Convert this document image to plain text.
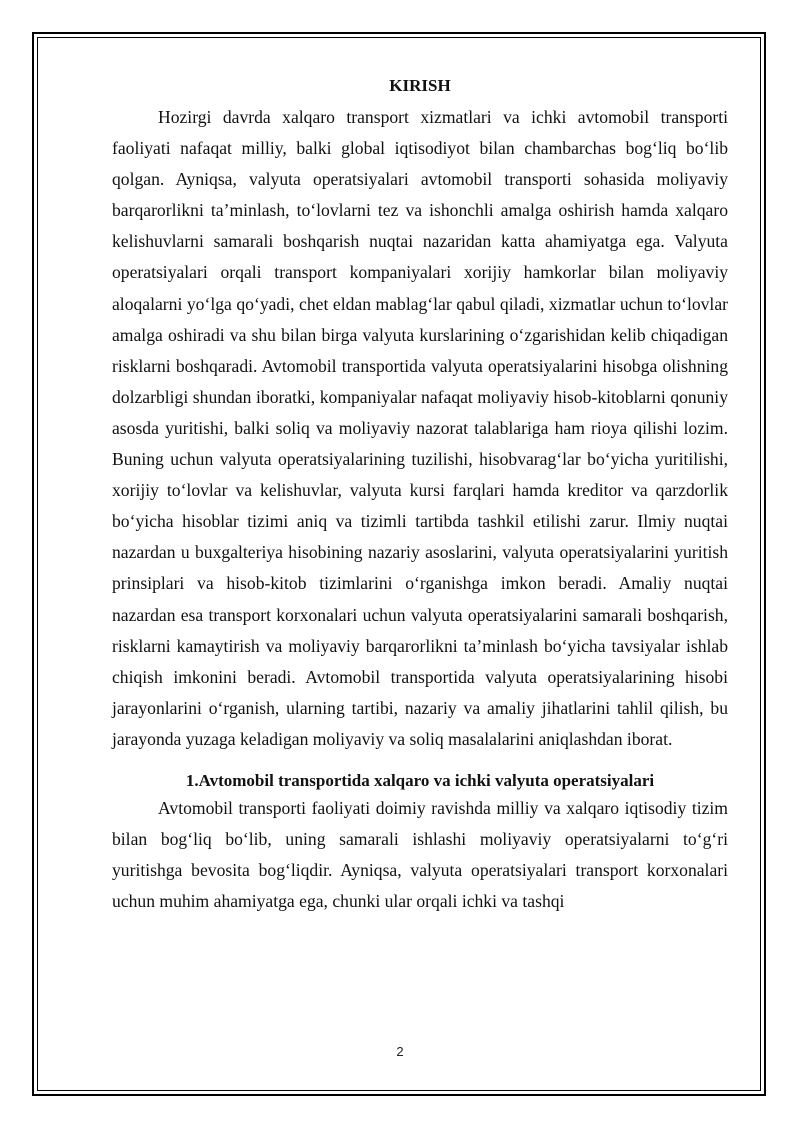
KIRISH

Hozirgi davrda xalqaro transport xizmatlari va ichki avtomobil transporti faoliyati nafaqat milliy, balki global iqtisodiyot bilan chambarchas bog‘liq bo‘lib qolgan. Ayniqsa, valyuta operatsiyalari avtomobil transporti sohasida moliyaviy barqarorlikni ta’minlash, to‘lovlarni tez va ishonchli amalga oshirish hamda xalqaro kelishuvlarni samarali boshqarish nuqtai nazaridan katta ahamiyatga ega. Valyuta operatsiyalari orqali transport kompaniyalari xorijiy hamkorlar bilan moliyaviy aloqalarni yo‘lga qo‘yadi, chet eldan mablag‘lar qabul qiladi, xizmatlar uchun to‘lovlar amalga oshiradi va shu bilan birga valyuta kurslarining o‘zgarishidan kelib chiqadigan risklarni boshqaradi. Avtomobil transportida valyuta operatsiyalarini hisobga olishning dolzarbligi shundan iboratki, kompaniyalar nafaqat moliyaviy hisob-kitoblarni qonuniy asosda yuritishi, balki soliq va moliyaviy nazorat talablariga ham rioya qilishi lozim. Buning uchun valyuta operatsiyalarining tuzilishi, hisobvarag‘lar bo‘yicha yuritilishi, xorijiy to‘lovlar va kelishuvlar, valyuta kursi farqlari hamda kreditor va qarzdorlik bo‘yicha hisoblar tizimi aniq va tizimli tartibda tashkil etilishi zarur. Ilmiy nuqtai nazardan u buxgalteriya hisobining nazariy asoslarini, valyuta operatsiyalarini yuritish prinsiplari va hisob-kitob tizimlarini o‘rganishga imkon beradi. Amaliy nuqtai nazardan esa transport korxonalari uchun valyuta operatsiyalarini samarali boshqarish, risklarni kamaytirish va moliyaviy barqarorlikni ta’minlash bo‘yicha tavsiyalar ishlab chiqish imkonini beradi. Avtomobil transportida valyuta operatsiyalarining hisobi jarayonlarini o‘rganish, ularning tartibi, nazariy va amaliy jihatlarini tahlil qilish, bu jarayonda yuzaga keladigan moliyaviy va soliq masalalarini aniqlashdan iborat.

1.Avtomobil transportida xalqaro va ichki valyuta operatsiyalari

Avtomobil transporti faoliyati doimiy ravishda milliy va xalqaro iqtisodiy tizim bilan bog‘liq bo‘lib, uning samarali ishlashi moliyaviy operatsiyalarni to‘g‘ri yuritishga bevosita bog‘liqdir. Ayniqsa, valyuta operatsiyalari transport korxonalari uchun muhim ahamiyatga ega, chunki ular orqali ichki va tashqi

2
